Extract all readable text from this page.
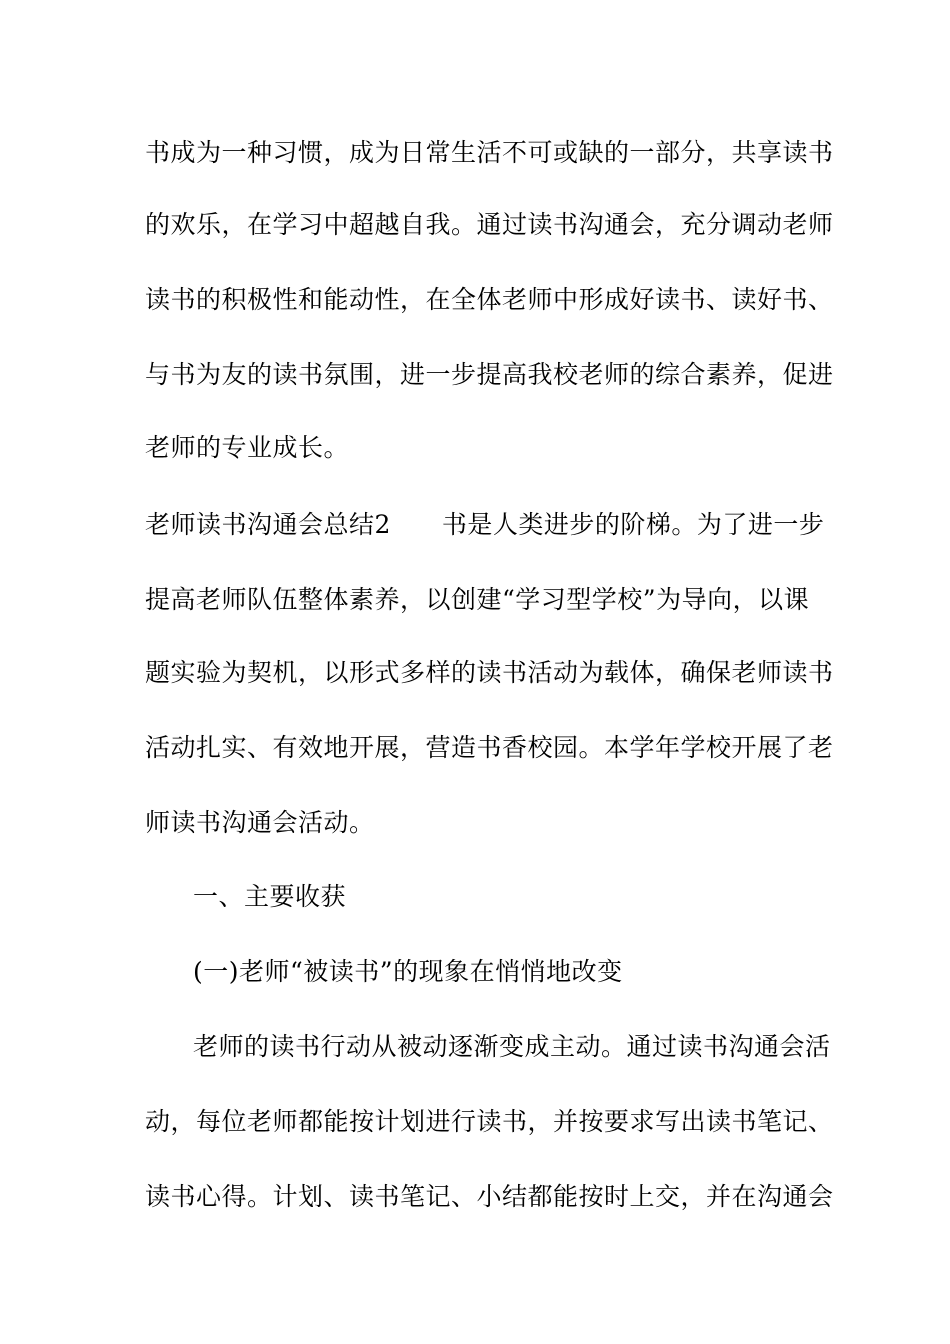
书成为一种习惯，成为日常生活不可或缺的一部分，共享读书
的欢乐，在学习中超越自我。通过读书沟通会，充分调动老师
读书的积极性和能动性，在全体老师中形成好读书、读好书、
与书为友的读书氛围，进一步提高我校老师的综合素养，促进
老师的专业成长。
老师读书沟通会总结2　　书是人类进步的阶梯。为了进一步
提高老师队伍整体素养，以创建“学习型学校”为导向，以课
题实验为契机，以形式多样的读书活动为载体，确保老师读书
活动扎实、有效地开展，营造书香校园。本学年学校开展了老
师读书沟通会活动。
一、主要收获
(一)老师“被读书”的现象在悄悄地改变
老师的读书行动从被动逐渐变成主动。通过读书沟通会活
动，每位老师都能按计划进行读书，并按要求写出读书笔记、
读书心得。计划、读书笔记、小结都能按时上交，并在沟通会
